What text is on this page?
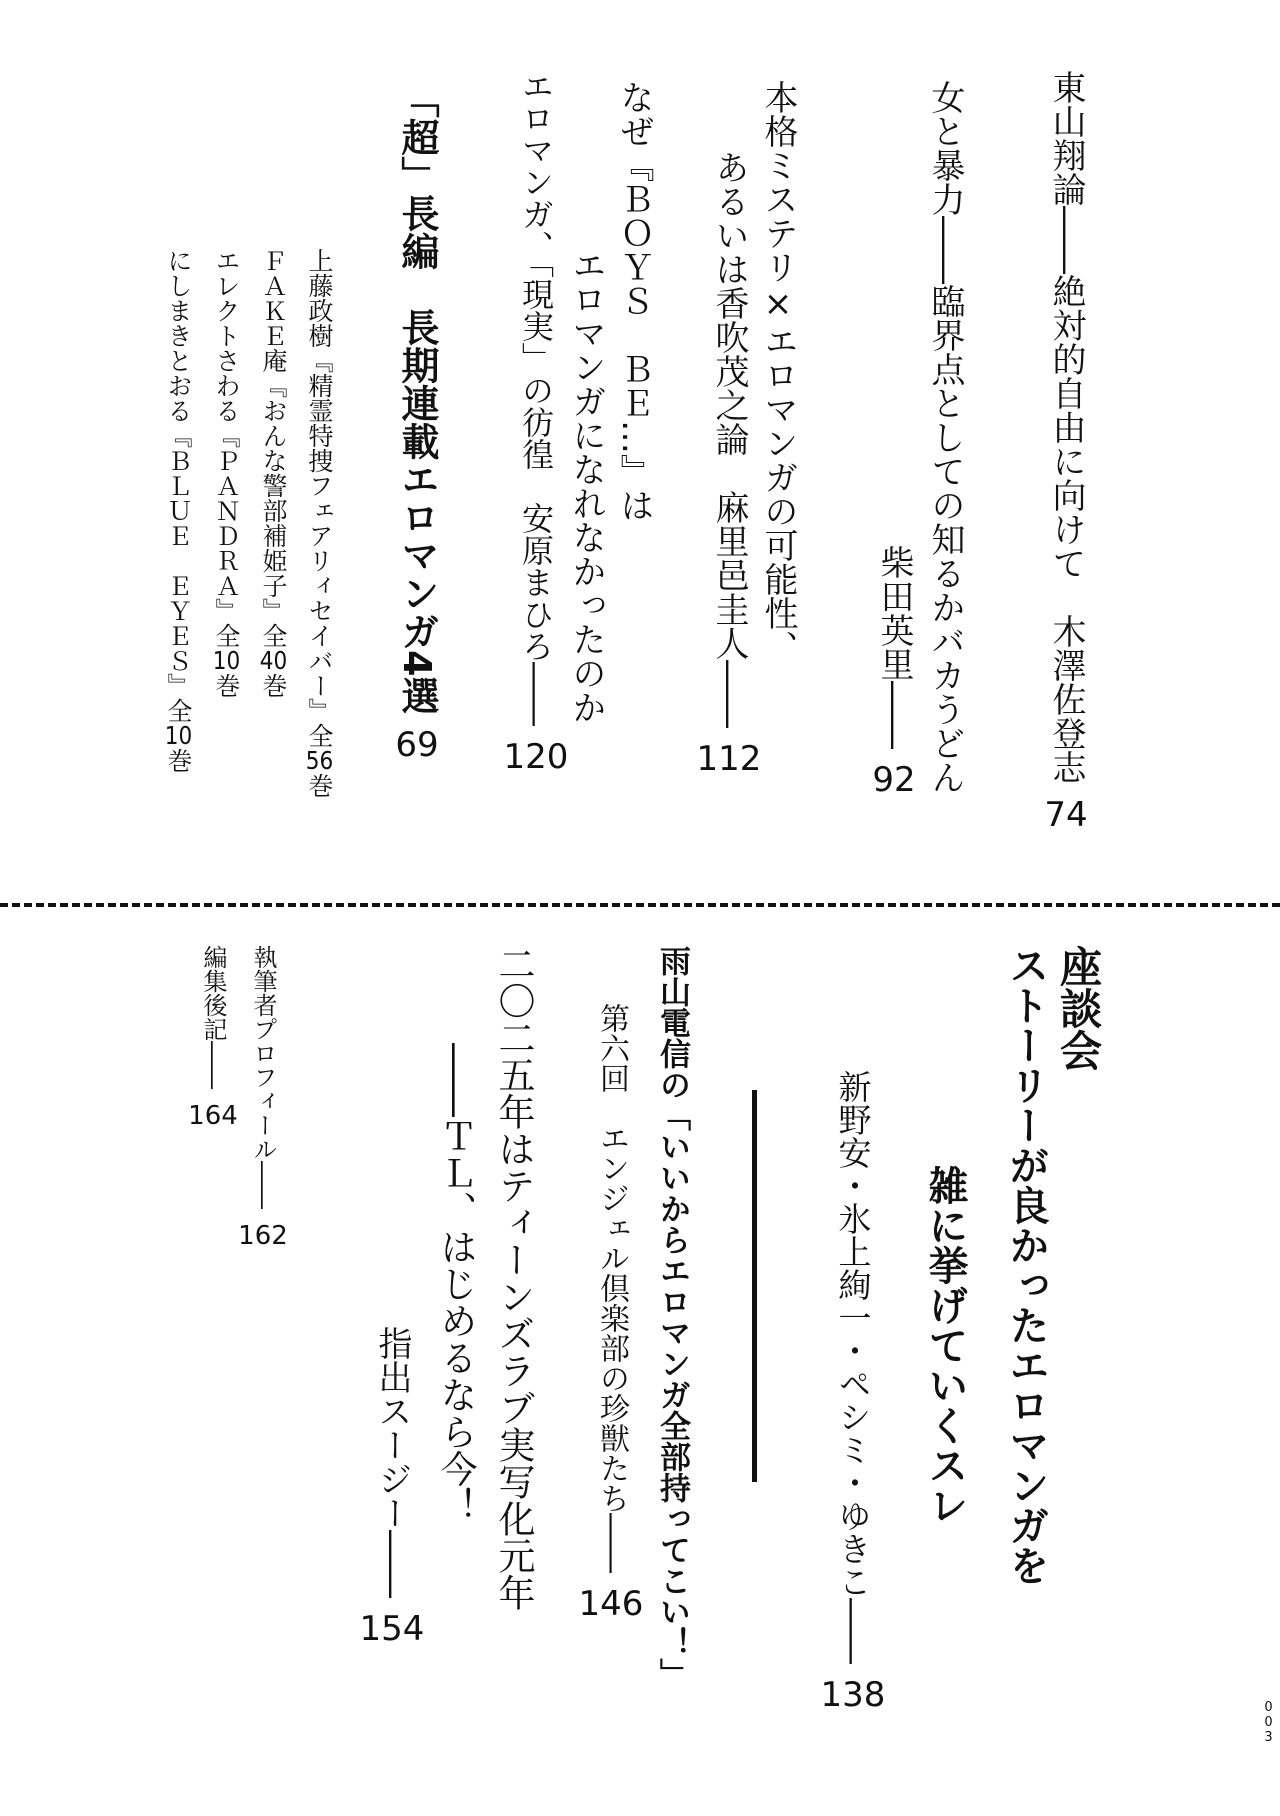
東山翔論――絶対的自由に向けて　木澤佐登志
74
女と暴力――臨界点としての知るかバカうどん
柴田英里――
92
本格ミステリ×エロマンガの可能性、
あるいは香吹茂之論　麻里邑圭人――
112
なぜ『ＢＯＹＳ　ＢＥ…』は
エロマンガになれなかったのか
エロマンガ、「現実」の彷徨　安原まひろ――
120
「超」長編　長期連載エロマンガ4選
69
上藤政樹『精霊特捜フェアリィセイバー』全56巻
ＦＡＫＥ庵『おんな警部補姫子』全40巻
エレクトさわる『ＰＡＮＤＲＡ』全10巻
にしまきとおる『ＢＬＵＥ　ＥＹＥＳ』全10巻
座談会
ストーリーが良かったエロマンガを
雑に挙げていくスレ
新野安・氷上絢一・ペシミ・ゆきこ――
138
雨山電信の「いいからエロマンガ全部持ってこい！」
第六回　エンジェル倶楽部の珍獣たち――
146
二〇二五年はティーンズラブ実写化元年
――ＴＬ、はじめるなら今！
指出スージー――
154
執筆者プロフィール――
162
編集後記――
164
003
